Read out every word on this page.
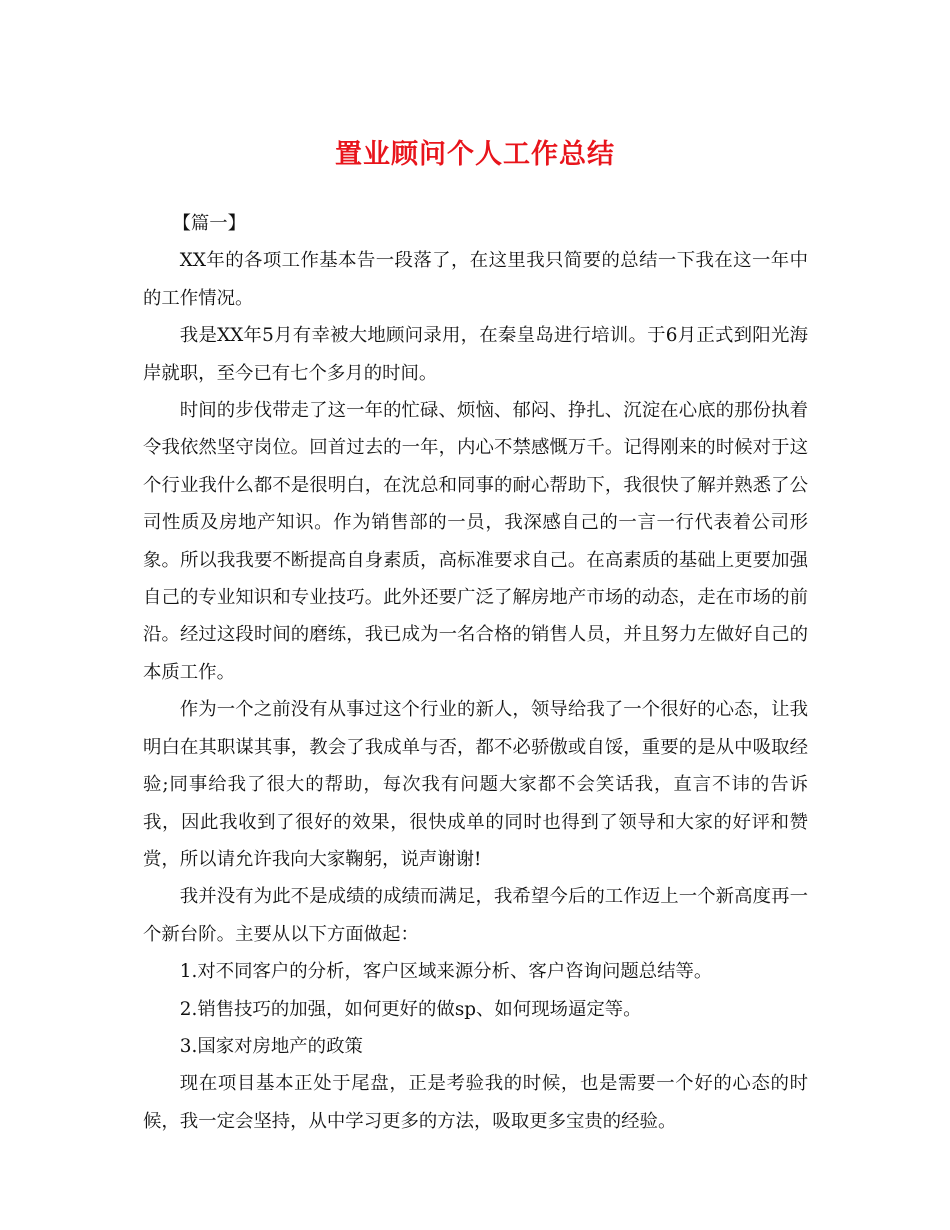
置业顾问个人工作总结

【篇一】

XX年的各项工作基本告一段落了，在这里我只简要的总结一下我在这一年中的工作情况。

我是XX年5月有幸被大地顾问录用，在秦皇岛进行培训。于6月正式到阳光海岸就职，至今已有七个多月的时间。

时间的步伐带走了这一年的忙碌、烦恼、郁闷、挣扎、沉淀在心底的那份执着令我依然坚守岗位。回首过去的一年，内心不禁感慨万千。记得刚来的时候对于这个行业我什么都不是很明白，在沈总和同事的耐心帮助下，我很快了解并熟悉了公司性质及房地产知识。作为销售部的一员，我深感自己的一言一行代表着公司形象。所以我我要不断提高自身素质，高标准要求自己。在高素质的基础上更要加强自己的专业知识和专业技巧。此外还要广泛了解房地产市场的动态，走在市场的前沿。经过这段时间的磨练，我已成为一名合格的销售人员，并且努力左做好自己的本质工作。

作为一个之前没有从事过这个行业的新人，领导给我了一个很好的心态，让我明白在其职谋其事，教会了我成单与否，都不必骄傲或自馁，重要的是从中吸取经验;同事给我了很大的帮助，每次我有问题大家都不会笑话我，直言不讳的告诉我，因此我收到了很好的效果，很快成单的同时也得到了领导和大家的好评和赞赏，所以请允许我向大家鞠躬，说声谢谢!

我并没有为此不是成绩的成绩而满足，我希望今后的工作迈上一个新高度再一个新台阶。主要从以下方面做起：

1.对不同客户的分析，客户区域来源分析、客户咨询问题总结等。

2.销售技巧的加强，如何更好的做sp、如何现场逼定等。

3.国家对房地产的政策

现在项目基本正处于尾盘，正是考验我的时候，也是需要一个好的心态的时候，我一定会坚持，从中学习更多的方法，吸取更多宝贵的经验。
